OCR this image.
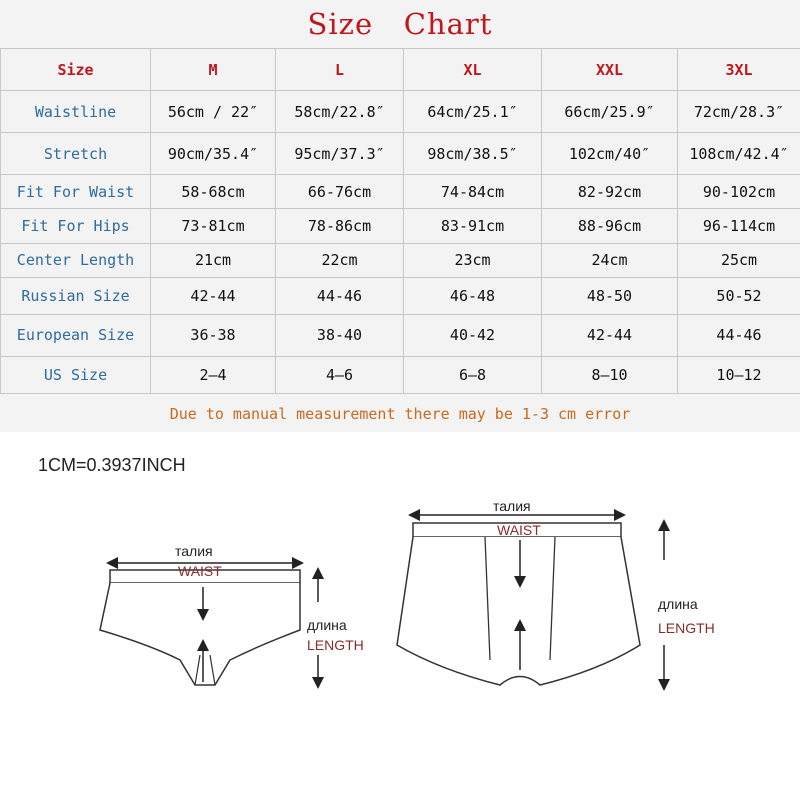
Size   Chart
Size	M	L	XL	XXL	3XL
Waistline	56cm / 22″	58cm/22.8″	64cm/25.1″	66cm/25.9″	72cm/28.3″
Stretch	90cm/35.4″	95cm/37.3″	98cm/38.5″	102cm/40″	108cm/42.4″
Fit For Waist	58-68cm	66-76cm	74-84cm	82-92cm	90-102cm
Fit For Hips	73-81cm	78-86cm	83-91cm	88-96cm	96-114cm
Center Length	21cm	22cm	23cm	24cm	25cm
Russian Size	42-44	44-46	46-48	48-50	50-52
European Size	36-38	38-40	40-42	42-44	44-46
US Size	2—4	4—6	6—8	8—10	10—12
Due to manual measurement there may be 1-3 cm error
1CM=0.3937INCH
талия
WAIST
длина
LENGTH
талия
WAIST
длина
LENGTH
